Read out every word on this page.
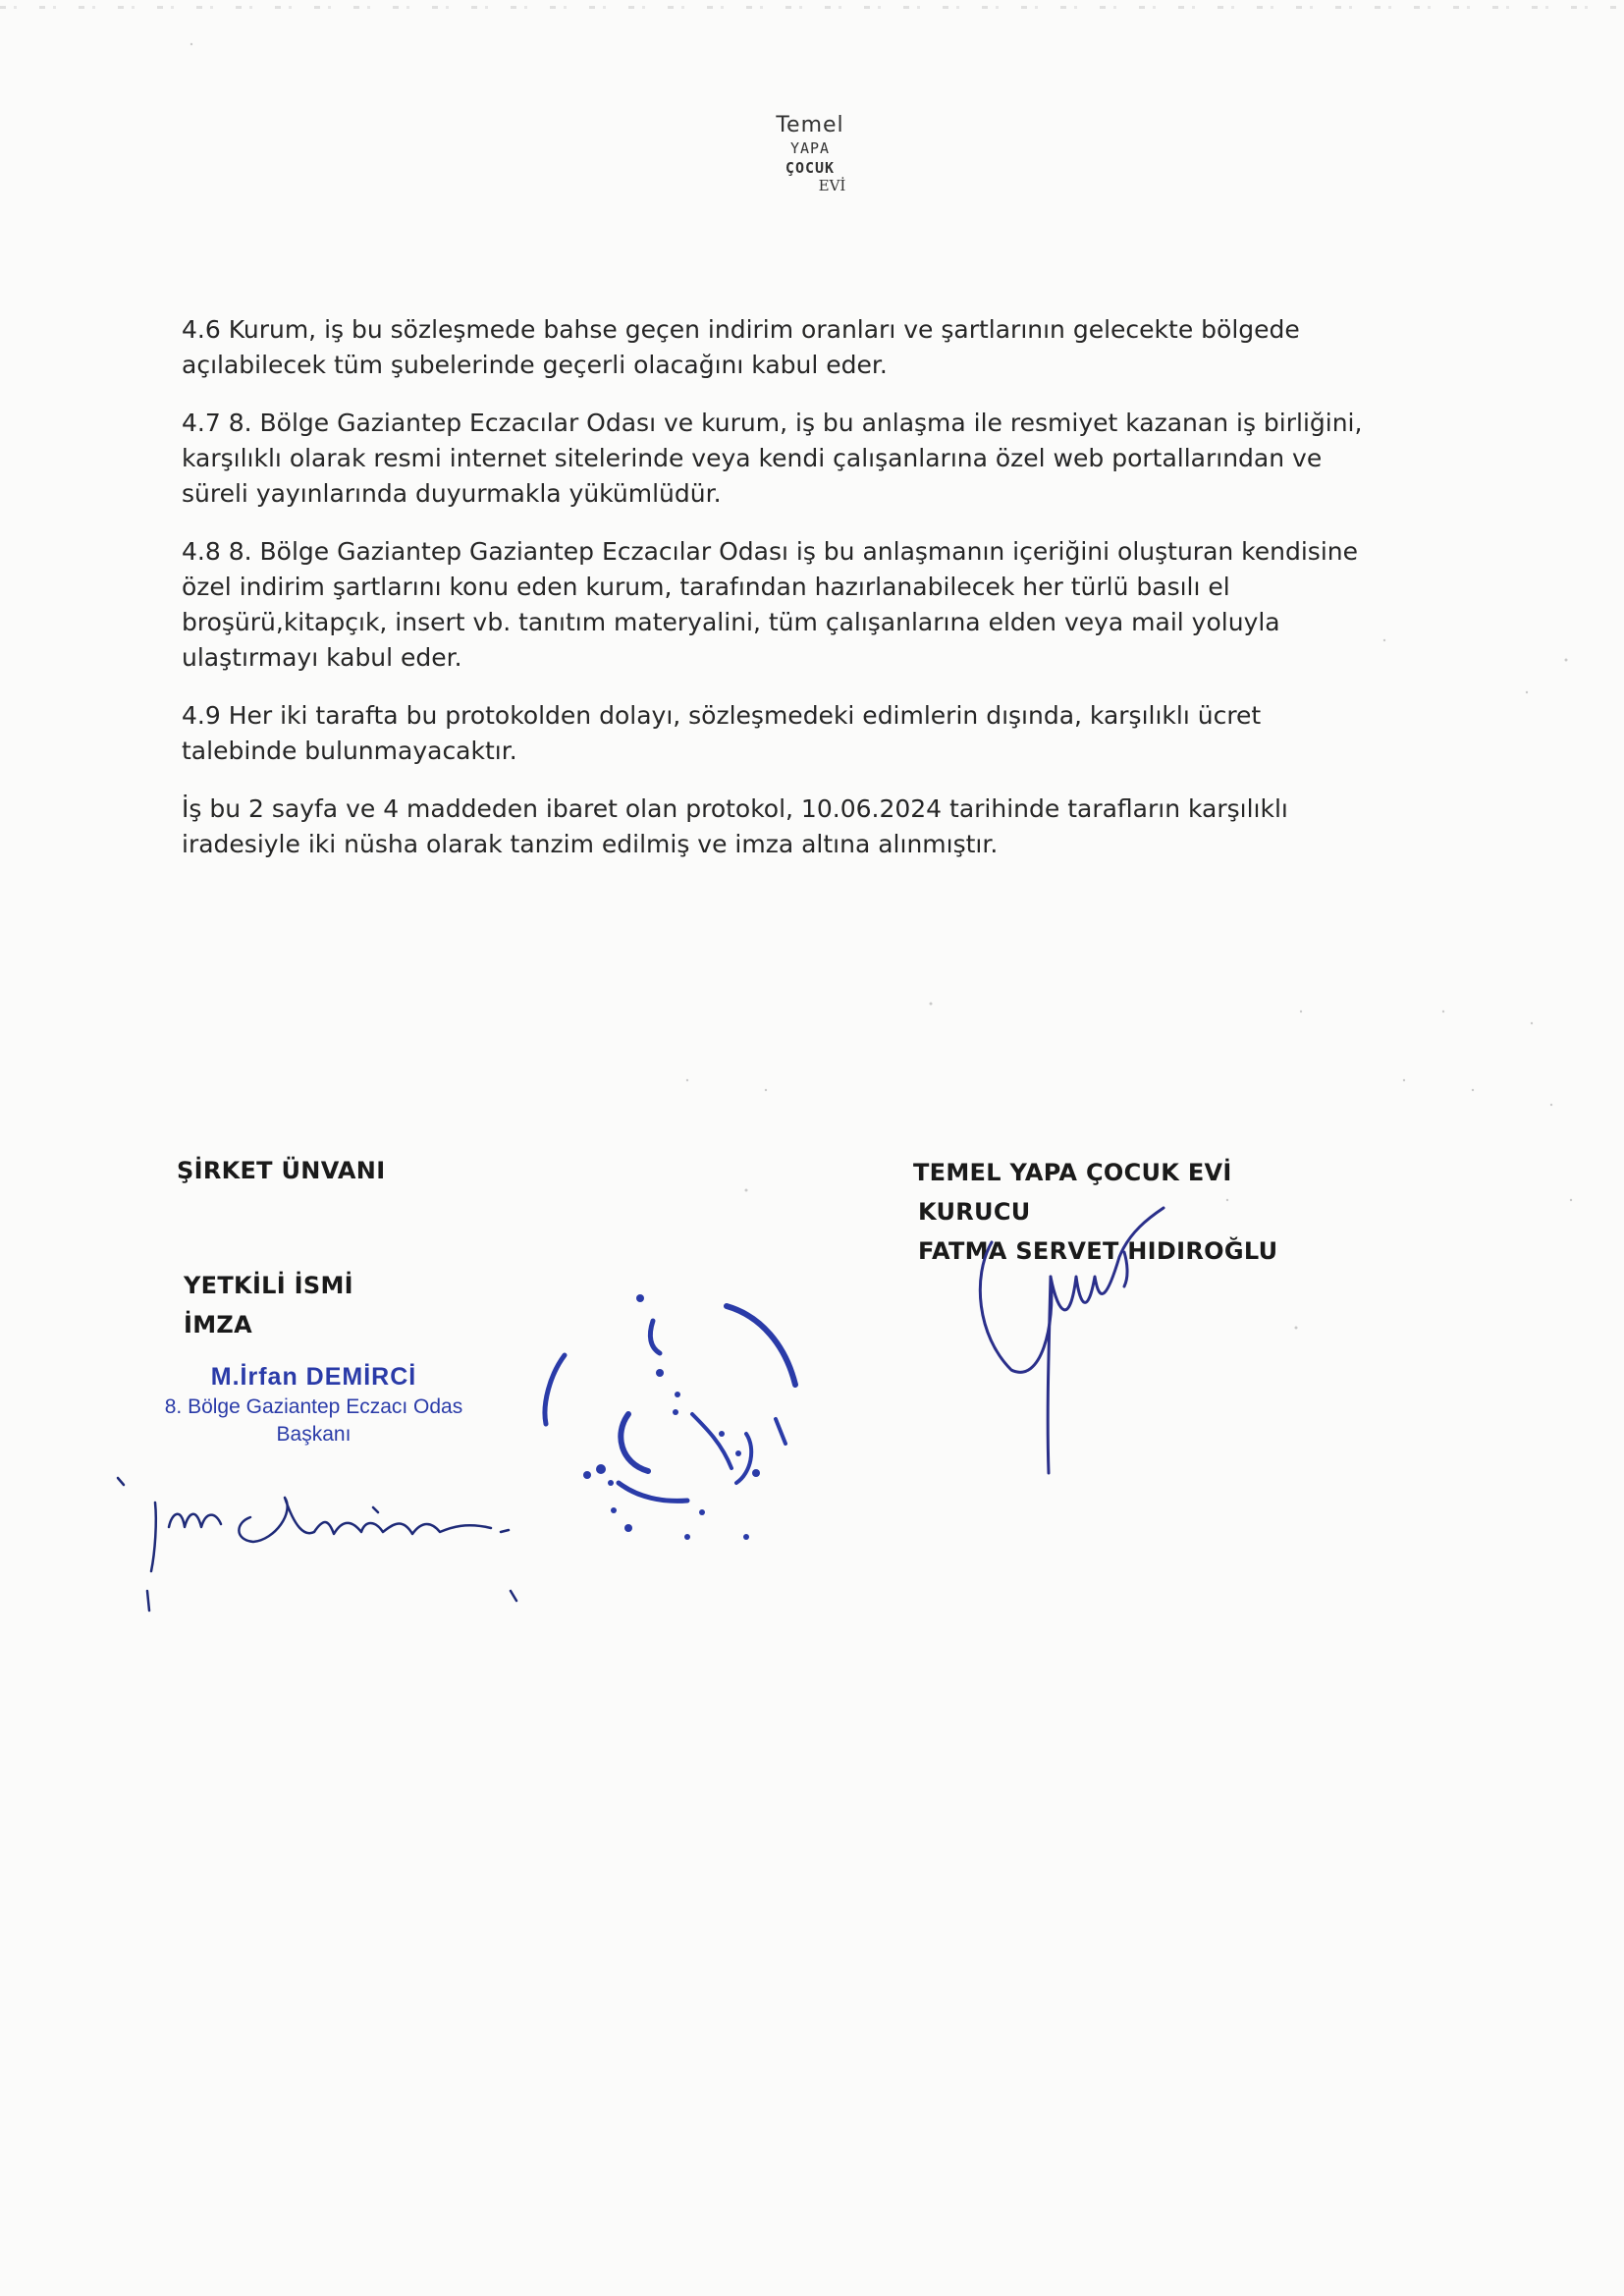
Temel
YAPA
ÇOCUK
EVİ

4.6 Kurum, iş bu sözleşmede bahse geçen indirim oranları ve şartlarının gelecekte bölgede
açılabilecek tüm şubelerinde geçerli olacağını kabul eder.

4.7 8. Bölge Gaziantep Eczacılar Odası ve kurum, iş bu anlaşma ile resmiyet kazanan iş birliğini,
karşılıklı olarak resmi internet sitelerinde veya kendi çalışanlarına özel web portallarından ve
süreli yayınlarında duyurmakla yükümlüdür.

4.8 8. Bölge Gaziantep Gaziantep Eczacılar Odası iş bu anlaşmanın içeriğini oluşturan kendisine
özel indirim şartlarını konu eden kurum, tarafından hazırlanabilecek her türlü basılı el
broşürü,kitapçık, insert vb. tanıtım materyalini, tüm çalışanlarına elden veya mail yoluyla
ulaştırmayı kabul eder.

4.9 Her iki tarafta bu protokolden dolayı, sözleşmedeki edimlerin dışında, karşılıklı ücret
talebinde bulunmayacaktır.

İş bu 2 sayfa ve 4 maddeden ibaret olan protokol, 10.06.2024 tarihinde tarafların karşılıklı
iradesiyle iki nüsha olarak tanzim edilmiş ve imza altına alınmıştır.

ŞİRKET ÜNVANI
YETKİLİ İSMİ
İMZA
TEMEL YAPA ÇOCUK EVİ
KURUCU
FATMA SERVET HIDIROĞLU
M.İrfan DEMİRCİ
8. Bölge Gaziantep Eczacı Odas
Başkanı
